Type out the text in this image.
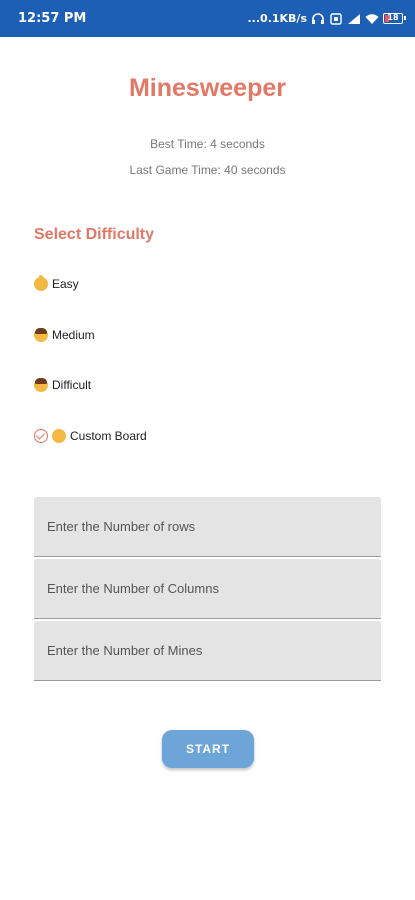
12:57 PM	...0.1KB/s	18
Minesweeper
Best Time: 4 seconds
Last Game Time: 40 seconds
Select Difficulty
Easy
Medium
Difficult
Custom Board
Enter the Number of rows
Enter the Number of Columns
Enter the Number of Mines
START
